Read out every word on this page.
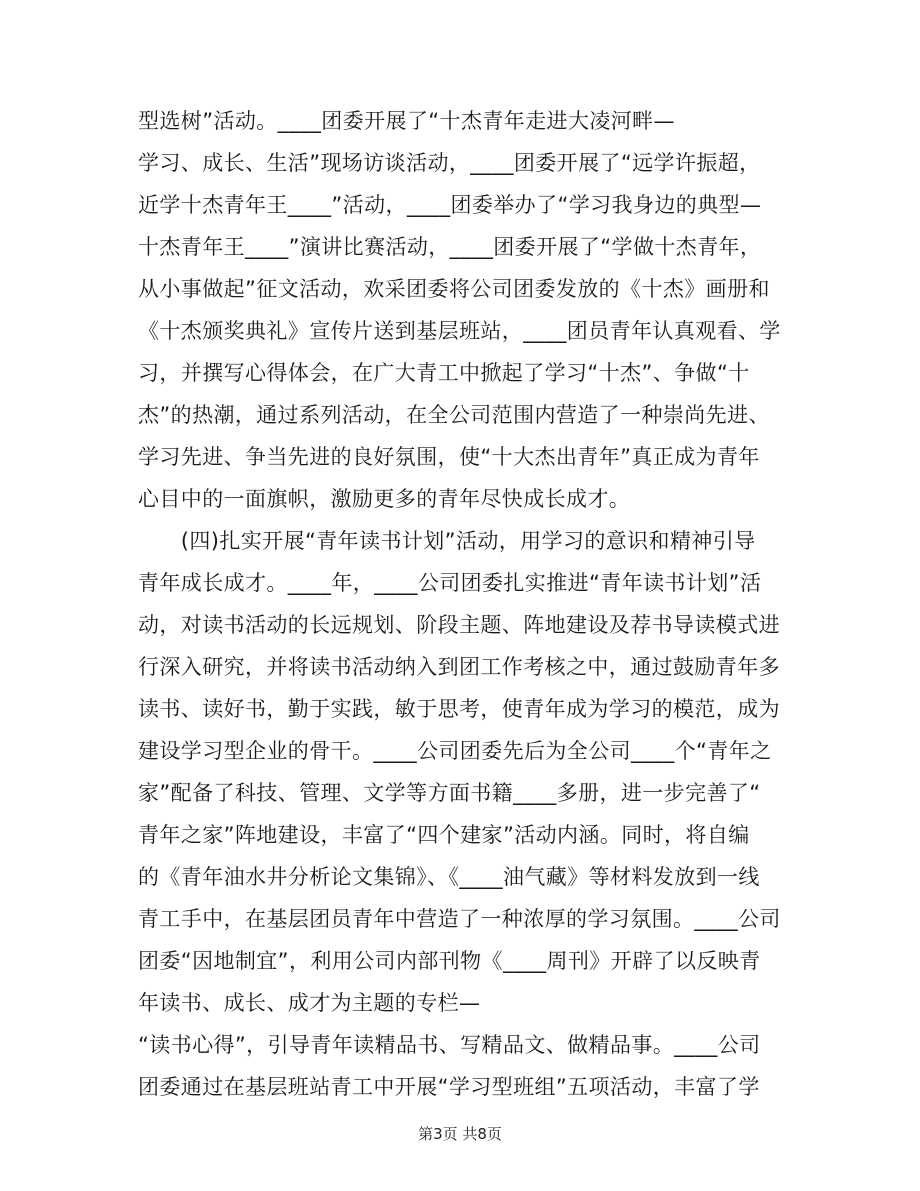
型选树”活动。____团委开展了“十杰青年走进大凌河畔—
学习、成长、生活”现场访谈活动，____团委开展了“远学许振超，
近学十杰青年王____”活动，____团委举办了“学习我身边的典型—
十杰青年王____”演讲比赛活动，____团委开展了“学做十杰青年，
从小事做起”征文活动，欢采团委将公司团委发放的《十杰》画册和
《十杰颁奖典礼》宣传片送到基层班站，____团员青年认真观看、学
习，并撰写心得体会，在广大青工中掀起了学习“十杰”、争做“十
杰”的热潮，通过系列活动，在全公司范围内营造了一种崇尚先进、
学习先进、争当先进的良好氛围，使“十大杰出青年”真正成为青年
心目中的一面旗帜，激励更多的青年尽快成长成才。
　　(四)扎实开展“青年读书计划”活动，用学习的意识和精神引导
青年成长成才。____年，____公司团委扎实推进“青年读书计划”活
动，对读书活动的长远规划、阶段主题、阵地建设及荐书导读模式进
行深入研究，并将读书活动纳入到团工作考核之中，通过鼓励青年多
读书、读好书，勤于实践，敏于思考，使青年成为学习的模范，成为
建设学习型企业的骨干。____公司团委先后为全公司____个“青年之
家”配备了科技、管理、文学等方面书籍____多册，进一步完善了“
青年之家”阵地建设，丰富了“四个建家”活动内涵。同时，将自编
的《青年油水井分析论文集锦》、《____油气藏》等材料发放到一线
青工手中，在基层团员青年中营造了一种浓厚的学习氛围。____公司
团委“因地制宜”，利用公司内部刊物《____周刊》开辟了以反映青
年读书、成长、成才为主题的专栏—
“读书心得”，引导青年读精品书、写精品文、做精品事。____公司
团委通过在基层班站青工中开展“学习型班组”五项活动，丰富了学
第3页 共8页
